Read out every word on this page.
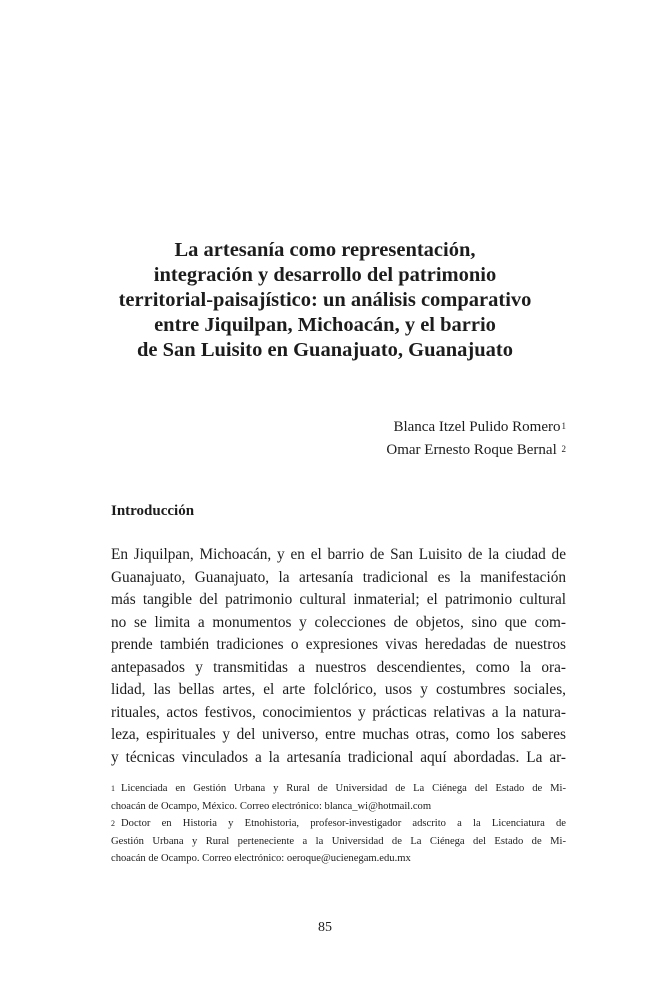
La artesanía como representación,
integración y desarrollo del patrimonio
territorial-paisajístico: un análisis comparativo
entre Jiquilpan, Michoacán, y el barrio
de San Luisito en Guanajuato, Guanajuato
Blanca Itzel Pulido Romero$^1$
Omar Ernesto Roque Bernal $^2$
Introducción
En Jiquilpan, Michoacán, y en el barrio de San Luisito de la ciudad de
Guanajuato, Guanajuato, la artesanía tradicional es la manifestación
más tangible del patrimonio cultural inmaterial; el patrimonio cultural
no se limita a monumentos y colecciones de objetos, sino que com-
prende también tradiciones o expresiones vivas heredadas de nuestros
antepasados y transmitidas a nuestros descendientes, como la ora-
lidad, las bellas artes, el arte folclórico, usos y costumbres sociales,
rituales, actos festivos, conocimientos y prácticas relativas a la natura-
leza, espirituales y del universo, entre muchas otras, como los saberes
y técnicas vinculados a la artesanía tradicional aquí abordadas. La ar-
$^1$ Licenciada en Gestión Urbana y Rural de Universidad de La Ciénega del Estado de Mi-
choacán de Ocampo, México. Correo electrónico: blanca_wi@hotmail.com
$^2$ Doctor en Historia y Etnohistoria, profesor-investigador adscrito a la Licenciatura de
Gestión Urbana y Rural perteneciente a la Universidad de La Ciénega del Estado de Mi-
choacán de Ocampo. Correo electrónico: oeroque@ucienegam.edu.mx
85
